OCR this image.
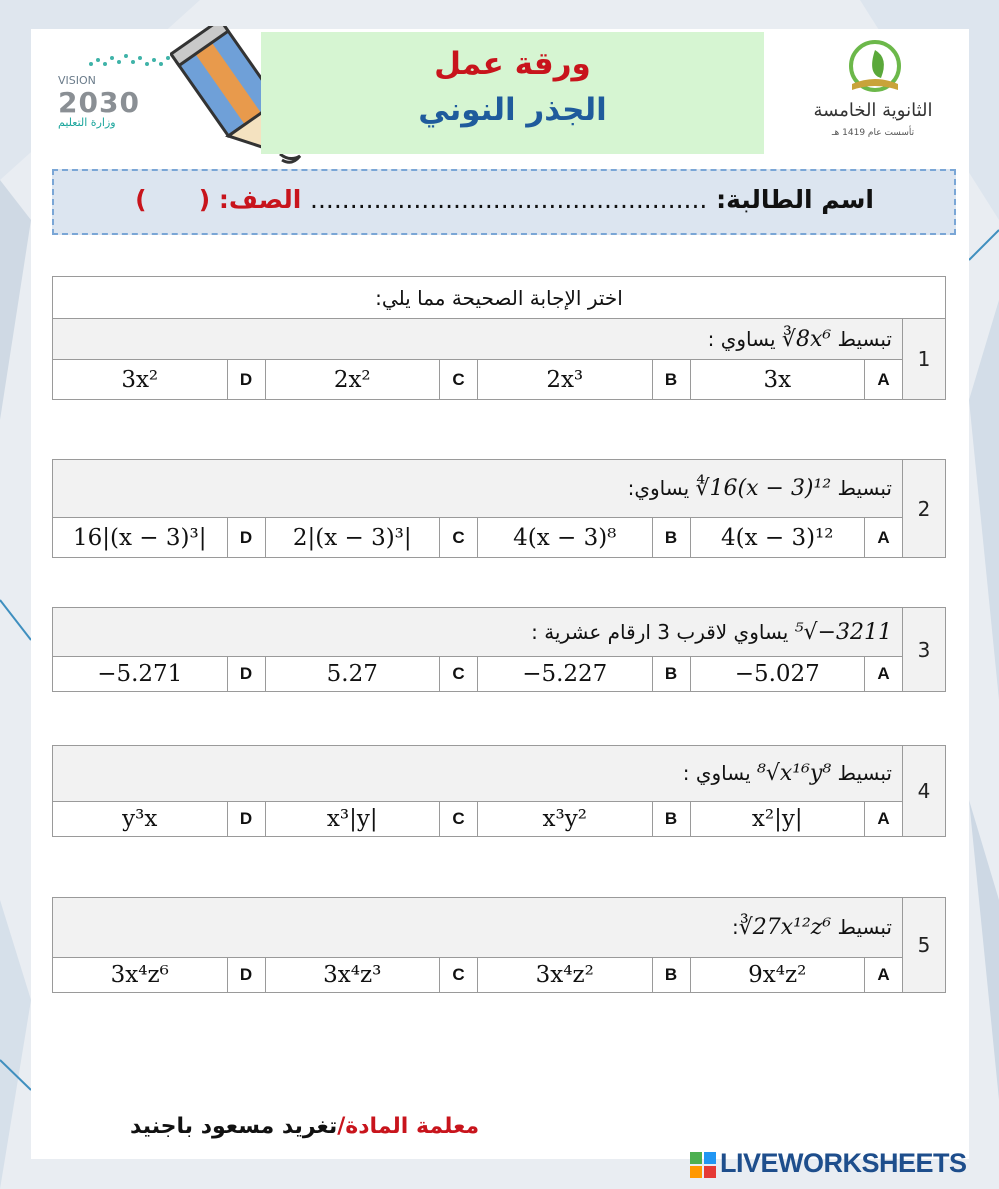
VISION
2030
وزارة التعليم
ورقة عمل
الجذر النوني	الثانوية الخامسة
تأسست عام 1419 هـ
اسم الطالبة: .................................................. الصف: (      )
اختر الإجابة الصحيحة مما يلي:								
1	تبسيط ∛8x⁶ يساوي :							
	A	3x	B	2x³	C	2x²	D	3x²
2	تبسيط ∜16(x − 3)¹² يساوي:							
	A	4(x − 3)¹²	B	4(x − 3)⁸	C	2|(x − 3)³|	D	16|(x − 3)³|
3	⁵√−3211 يساوي لاقرب 3 ارقام عشرية :							
	A	−5.027	B	−5.227	C	5.27	D	−5.271
4	تبسيط ⁸√x¹⁶y⁸ يساوي :							
	A	x²|y|	B	x³y²	C	x³|y|	D	y³x
5	تبسيط ∛27x¹²z⁶:							
	A	9x⁴z²	B	3x⁴z²	C	3x⁴z³	D	3x⁴z⁶
معلمة المادة/تغريد مسعود باجنيد
LIVEWORKSHEETS
